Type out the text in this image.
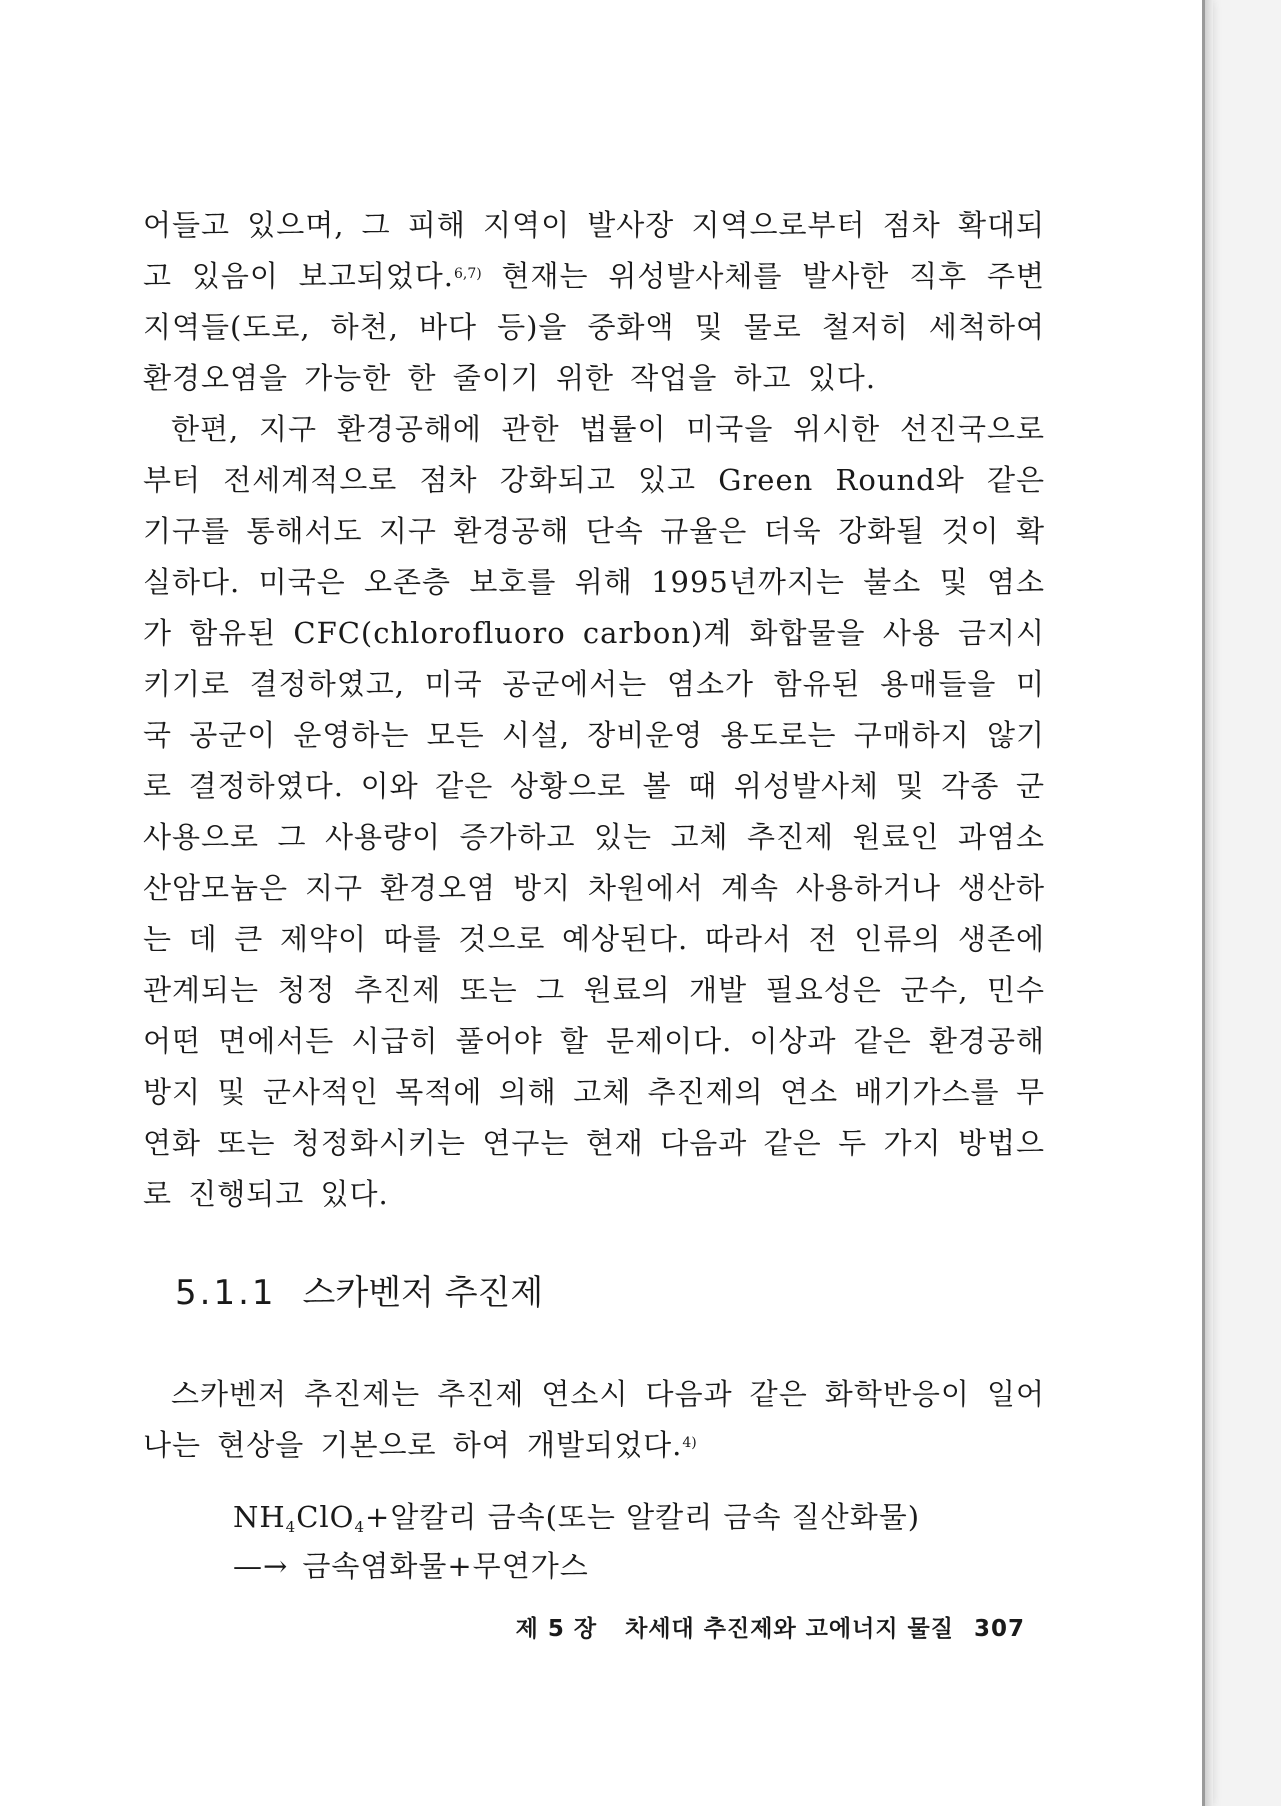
어들고 있으며, 그 피해 지역이 발사장 지역으로부터 점차 확대되고 있음이 보고되었다.$^{6,7)}$ 현재는 위성발사체를 발사한 직후 주변 지역들(도로, 하천, 바다 등)을 중화액 및 물로 철저히 세척하여 환경오염을 가능한 한 줄이기 위한 작업을 하고 있다.

한편, 지구 환경공해에 관한 법률이 미국을 위시한 선진국으로부터 전세계적으로 점차 강화되고 있고 Green Round와 같은 기구를 통해서도 지구 환경공해 단속 규율은 더욱 강화될 것이 확실하다. 미국은 오존층 보호를 위해 1995년까지는 불소 및 염소가 함유된 CFC(chlorofluoro carbon)계 화합물을 사용 금지시키기로 결정하였고, 미국 공군에서는 염소가 함유된 용매들을 미국 공군이 운영하는 모든 시설, 장비운영 용도로는 구매하지 않기로 결정하였다. 이와 같은 상황으로 볼 때 위성발사체 및 각종 군사용으로 그 사용량이 증가하고 있는 고체 추진제 원료인 과염소산암모늄은 지구 환경오염 방지 차원에서 계속 사용하거나 생산하는 데 큰 제약이 따를 것으로 예상된다. 따라서 전 인류의 생존에 관계되는 청정 추진제 또는 그 원료의 개발 필요성은 군수, 민수 어떤 면에서든 시급히 풀어야 할 문제이다. 이상과 같은 환경공해 방지 및 군사적인 목적에 의해 고체 추진제의 연소 배기가스를 무연화 또는 청정화시키는 연구는 현재 다음과 같은 두 가지 방법으로 진행되고 있다.

5.1.1 스카벤저 추진제

스카벤저 추진제는 추진제 연소시 다음과 같은 화학반응이 일어나는 현상을 기본으로 하여 개발되었다.$^{4)}$

$NH_4ClO_4+$알칼리 금속(또는 알칼리 금속 질산화물)
—→ 금속염화물+무연가스
제 5 장 차세대 추진제와 고에너지 물질 307
